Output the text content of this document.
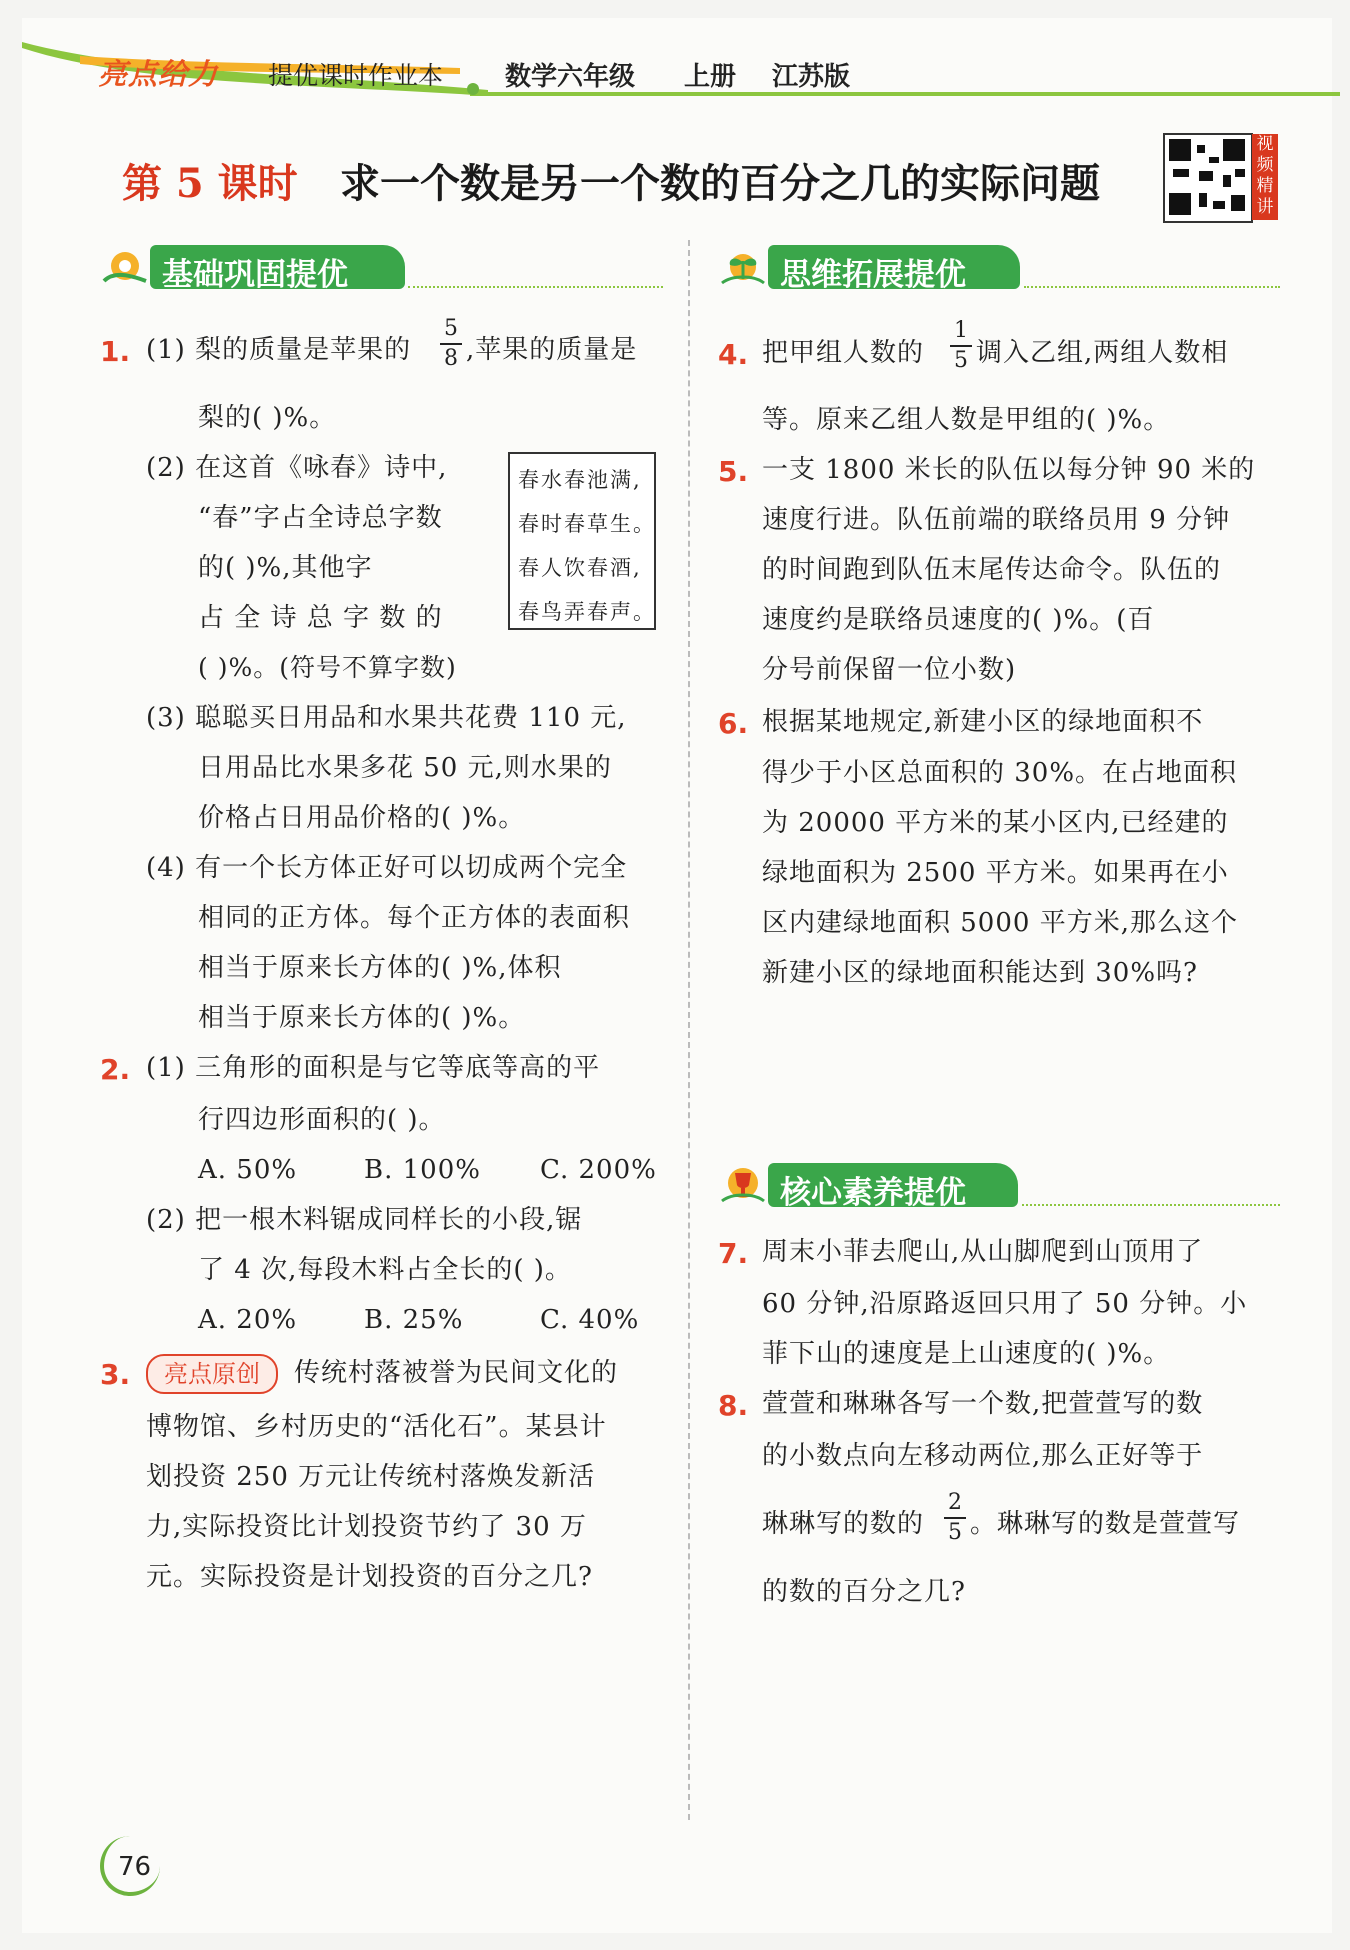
亮点给力 提优课时作业本 数学六年级 上册 江苏版
第 5 课时 求一个数是另一个数的百分之几的实际问题
视频精讲
基础巩固提优	思维拓展提优
核心素养提优
1. (1) 梨的质量是苹果的
5
8 ,苹果的质量是
梨的( )%。
(2) 在这首《咏春》诗中,
“春”字占全诗总字数
的( )%,其他字
占 全 诗 总 字 数 的
( )%。(符号不算字数)
春水春池满,
春时春草生。
春人饮春酒,
春鸟弄春声。
(3) 聪聪买日用品和水果共花费 110 元,
日用品比水果多花 50 元,则水果的
价格占日用品价格的( )%。
(4) 有一个长方体正好可以切成两个完全
相同的正方体。每个正方体的表面积
相当于原来长方体的( )%,体积
相当于原来长方体的( )%。
2. (1) 三角形的面积是与它等底等高的平
行四边形面积的( )。
A. 50%	B. 100% C. 200%
(2) 把一根木料锯成同样长的小段,锯
了 4 次,每段木料占全长的( )。
A. 20%	B. 25%	C. 40%
3.	亮点原创	传统村落被誉为民间文化的
博物馆、乡村历史的“活化石”。某县计
划投资 250 万元让传统村落焕发新活
力,实际投资比计划投资节约了 30 万
元。实际投资是计划投资的百分之几?
4. 把甲组人数的
1
5 调入乙组,两组人数相
等。原来乙组人数是甲组的( )%。
5. 一支 1800 米长的队伍以每分钟 90 米的
速度行进。队伍前端的联络员用 9 分钟
的时间跑到队伍末尾传达命令。队伍的
速度约是联络员速度的( )%。(百
分号前保留一位小数)
6. 根据某地规定,新建小区的绿地面积不
得少于小区总面积的 30%。在占地面积
为 20000 平方米的某小区内,已经建的
绿地面积为 2500 平方米。如果再在小
区内建绿地面积 5000 平方米,那么这个
新建小区的绿地面积能达到 30%吗?
7. 周末小菲去爬山,从山脚爬到山顶用了
60 分钟,沿原路返回只用了 50 分钟。小
菲下山的速度是上山速度的( )%。
8. 萱萱和琳琳各写一个数,把萱萱写的数
的小数点向左移动两位,那么正好等于
琳琳写的数的
2
5 。琳琳写的数是萱萱写
的数的百分之几?
76
